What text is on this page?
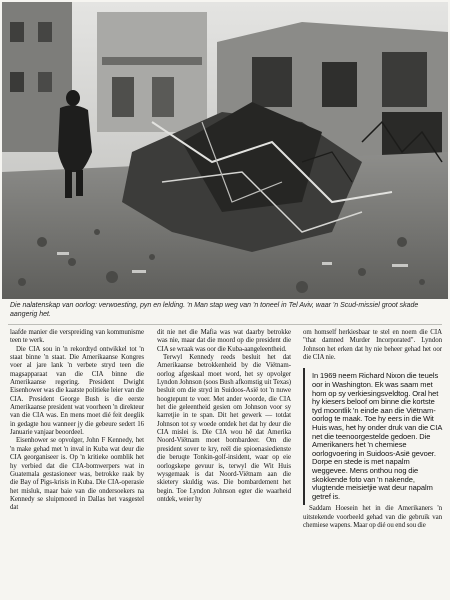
Die nalatenskap van oorlog: verwoesting, pyn en lelding. 'n Man stap weg van 'n toneel in Tel Aviv, waar 'n Scud-missiel groot skade aangerig het.

laafde manier die verspreiding van kommunisme teen te werk.

Die CIA sou in 'n rekordtyd ontwikkel tot 'n staat binne 'n staat. Die Amerikaanse Kongres voer al jare lank 'n verbete stryd teen die magsapparaat van die CIA binne die Amerikaanse regering. President Dwight Eisenhower was die kaatste politieke leier van die CIA. President George Bush is die eerste Amerikaanse president wat voorheen 'n direkteur van die CIA was. En mens moet dié feit deeglik in gedagte hou wanneer jy die gebeure sedert 16 Januarie vanjaar beoordeel.

Eisenhower se opvolger, John F Kennedy, het 'n make gehad met 'n inval in Kuba wat deur die CIA georganiseer is. Op 'n kritieke oomblik het hy verbied dat die CIA-bomwerpers wat in Guatemala gestasioneer was, betrokke raak by die Bay of Pigs-krisis in Kuba. Die CIA-operasie het misluk, maar baie van die ondersoekers na Kennedy se sluipmoord in Dallas het vasgestel dat

dit nie net die Mafia was wat daarby betrokke was nie, maar dat die moord op die president die CIA se wraak was oor die Kuba-aangeleentheid.

Terwyl Kennedy reeds besluit het dat Amerikaanse betrokkenheid by die Viëtnam-oorlog afgeskaal moet word, het sy opvolger Lyndon Johnson (soos Bush afkomstig uit Texas) besluit om die stryd in Suidoos-Asië tot 'n nuwe hoogtepunt te voer. Met ander woorde, die CIA het die geleentheid gesien om Johnson voor sy karretjie in te span. Dit het gewerk — totdat Johnson tot sy woede ontdek het dat hy deur die CIA mislei is. Die CIA wou hê dat Amerika Noord-Viëtnam moet bombardeer. Om die president sover te kry, reël die spioenasiedienste die beruqte Tonkin-golf-insident, waar op eie oorlogskepe gevuur is, terwyl die Wit Huis wysgemaak is dat Noord-Viëtnam aan die skietery skuldig was. Die bombardement het begin. Toe Lyndon Johnson egter die waarheid ontdek, weier hy

om homself herkiesbaar te stel en noem die CIA "that damned Murder Incorporated". Lyndon Johnson het erken dat hy nie beheer gehad het oor die CIA nie.

In 1969 neem Richard Nixon die teuels oor in Washington. Ek was saam met hom op sy verkiesingsveldtog. Oral het hy kiesers beloof om binne die kortste tyd moontlik 'n einde aan die Viëtnam-oorlog te maak. Toe hy eers in die Wit Huis was, het hy onder druk van die CIA net die teenoorgestelde gedoen. Die Amerikaners het 'n chemiese oorlogvoering in Suidoos-Asië gevoer. Dorpe en stede is met napalm weggevee. Mens onthou nog die skokkende foto van 'n nakende, vlugtende meisietjie wat deur napalm getref is.

Saddam Hoesein het in die Amerikaners 'n uitstekende voorbeeld gehad van die gebruik van chemiese wapens. Maar op dié ou end sou die
